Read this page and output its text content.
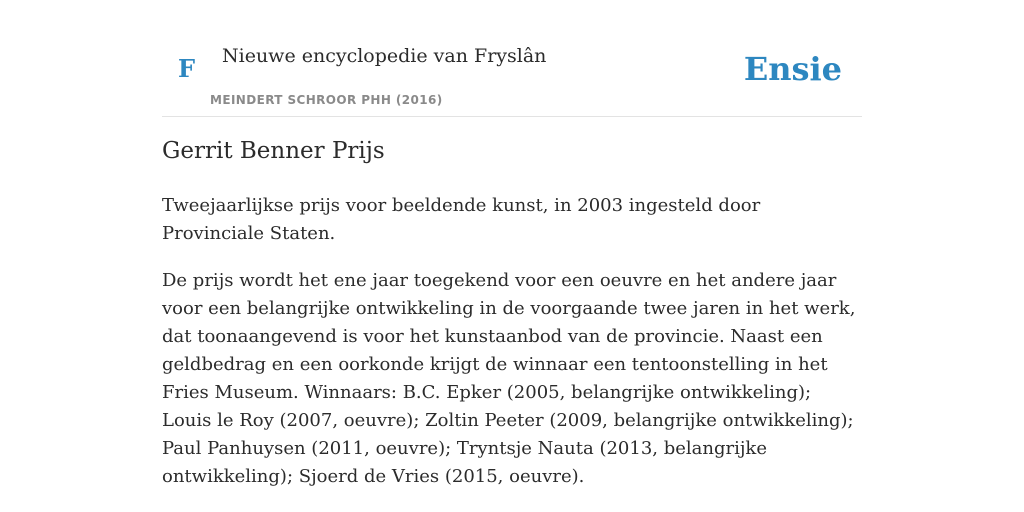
F Nieuwe encyclopedie van Fryslân
MEINDERT SCHROOR PHH (2016)
Ensie
Gerrit Benner Prijs

Tweejaarlijkse prijs voor beeldende kunst, in 2003 ingesteld door Provinciale Staten.

De prijs wordt het ene jaar toegekend voor een oeuvre en het andere jaar voor een belangrijke ontwikkeling in de voorgaande twee jaren in het werk, dat toonaangevend is voor het kunstaanbod van de provincie. Naast een geldbedrag en een oorkonde krijgt de winnaar een tentoonstelling in het Fries Museum. Winnaars: B.C. Epker (2005, belangrijke ontwikkeling); Louis le Roy (2007, oeuvre); Zoltin Peeter (2009, belangrijke ontwikkeling); Paul Panhuysen (2011, oeuvre); Tryntsje Nauta (2013, belangrijke ontwikkeling); Sjoerd de Vries (2015, oeuvre).
